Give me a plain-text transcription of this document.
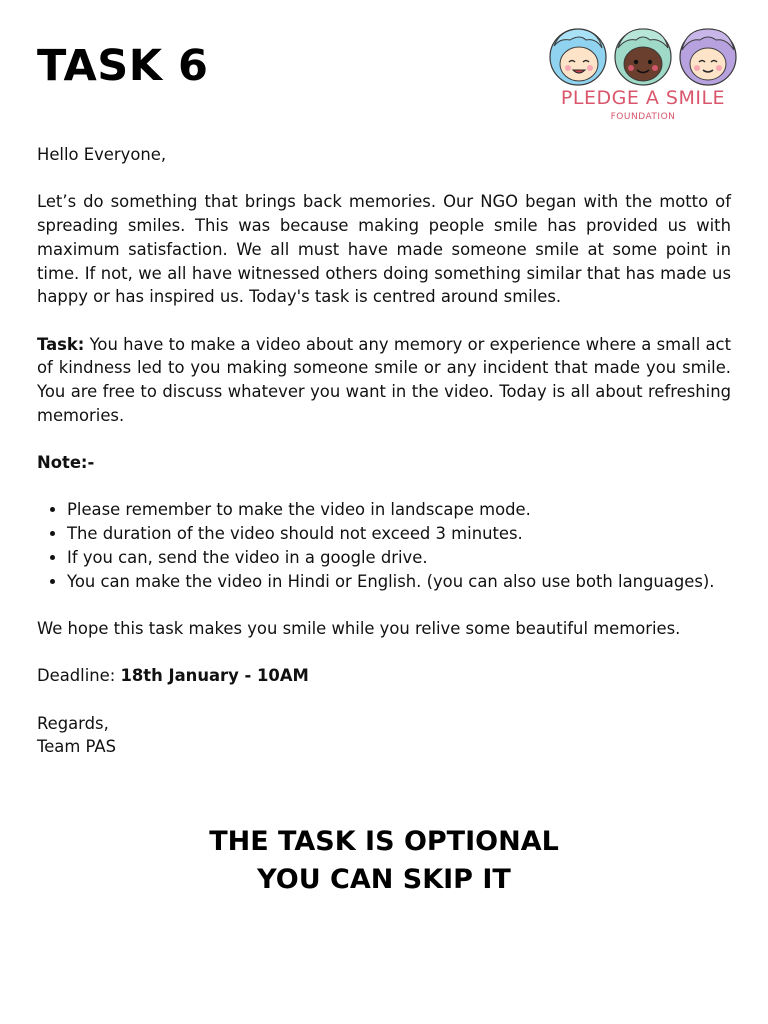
TASK 6
PLEDGE A SMILE
FOUNDATION

Hello Everyone,

Let’s do something that brings back memories. Our NGO began with the motto of spreading smiles. This was because making people smile has provided us with maximum satisfaction. We all must have made someone smile at some point in time. If not, we all have witnessed others doing something similar that has made us happy or has inspired us. Today's task is centred around smiles.

Task: You have to make a video about any memory or experience where a small act of kindness led to you making someone smile or any incident that made you smile. You are free to discuss whatever you want in the video. Today is all about refreshing memories.

Note:-

• Please remember to make the video in landscape mode.
• The duration of the video should not exceed 3 minutes.
• If you can, send the video in a google drive.
• You can make the video in Hindi or English. (you can also use both languages).

We hope this task makes you smile while you relive some beautiful memories.

Deadline: 18th January - 10AM

Regards,
Team PAS

THE TASK IS OPTIONAL
YOU CAN SKIP IT
